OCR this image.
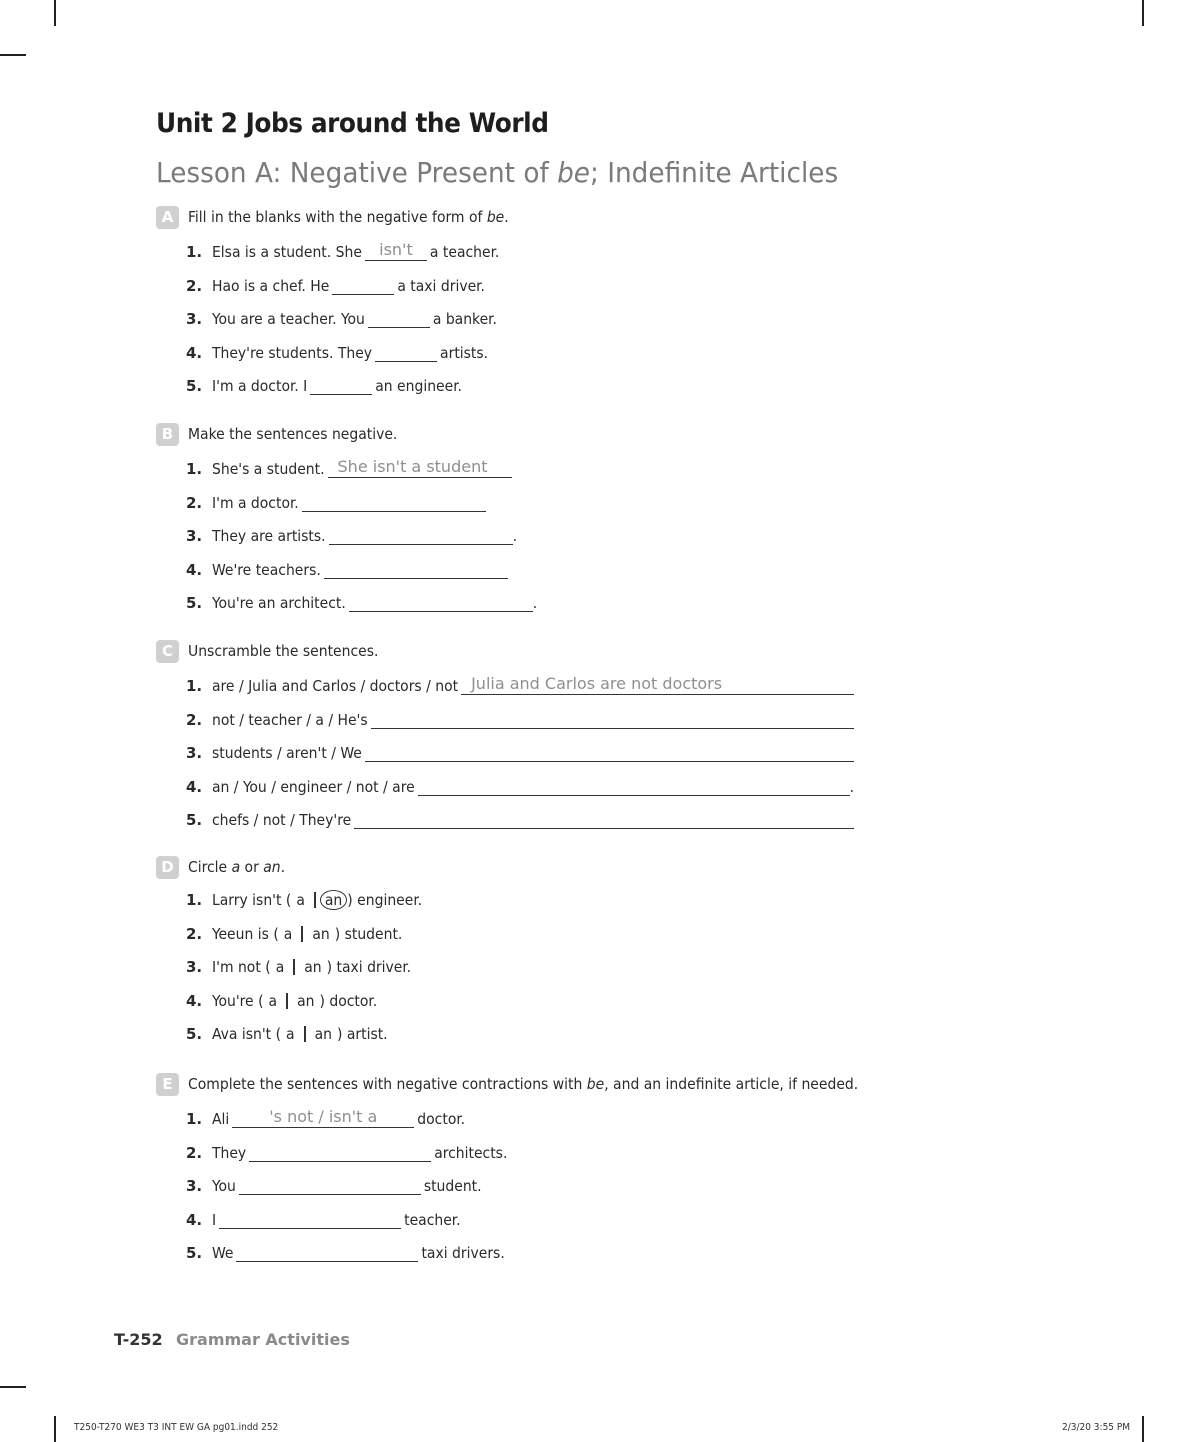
Unit 2 Jobs around the World
Lesson A: Negative Present of be; Indefinite Articles
A Fill in the blanks with the negative form of be.
1. Elsa is a student. She	isn't	a teacher.
2. Hao is a chef. He	a taxi driver.
3. You are a teacher. You	a banker.
4. They're students. They	artists.
5. I'm a doctor. I	an engineer.
B Make the sentences negative.
1. She's a student. She isn't a student
2. I'm a doctor.
3. They are artists.	.
4. We're teachers.
5. You're an architect.	.
C Unscramble the sentences.
1. are / Julia and Carlos / doctors / not Julia and Carlos are not doctors
2. not / teacher / a / He's
3. students / aren't / We
4. an / You / engineer / not / are	.
5. chefs / not / They're
D Circle a or an.
1. Larry isn't
( a	an )
engineer.
2. Yeeun is
( a	an )
student.
3. I'm not
( a	an )
taxi driver.
4. You're
( a	an )
doctor.
5. Ava isn't
( a	an )
artist.
E Complete the sentences with negative contractions with be, and an indefinite article, if needed.
1. Ali	's not / isn't a	doctor.
2. They	architects.
3. You	student.
4. I	teacher.
5. We	taxi drivers.
T-252 Grammar Activities
T250-T270 WE3 T3 INT EW GA pg01.indd 252	2/3/20 3:55 PM
